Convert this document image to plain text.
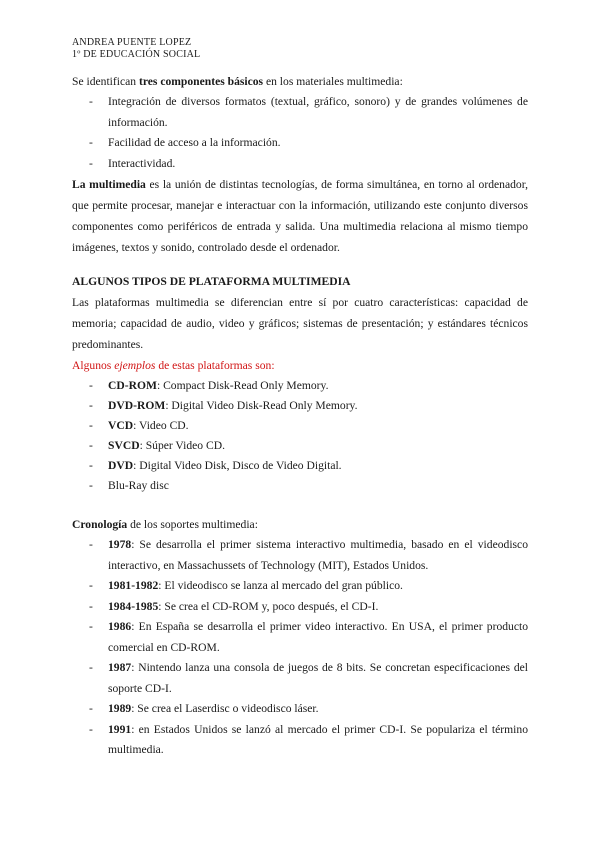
ANDREA PUENTE LOPEZ
1º DE EDUCACIÓN SOCIAL

Se identifican tres componentes básicos en los materiales multimedia:

- Integración de diversos formatos (textual, gráfico, sonoro) y de grandes volúmenes de información.
- Facilidad de acceso a la información.
- Interactividad.

La multimedia es la unión de distintas tecnologías, de forma simultánea, en torno al ordenador, que permite procesar, manejar e interactuar con la información, utilizando este conjunto diversos componentes como periféricos de entrada y salida. Una multimedia relaciona al mismo tiempo imágenes, textos y sonido, controlado desde el ordenador.

ALGUNOS TIPOS DE PLATAFORMA MULTIMEDIA

Las plataformas multimedia se diferencian entre sí por cuatro características: capacidad de memoria; capacidad de audio, video y gráficos; sistemas de presentación; y estándares técnicos predominantes.

Algunos ejemplos de estas plataformas son:

- CD-ROM: Compact Disk-Read Only Memory.
- DVD-ROM: Digital Video Disk-Read Only Memory.
- VCD: Video CD.
- SVCD: Súper Video CD.
- DVD: Digital Video Disk, Disco de Video Digital.
- Blu-Ray disc

Cronología de los soportes multimedia:

- 1978: Se desarrolla el primer sistema interactivo multimedia, basado en el videodisco interactivo, en Massachussets of Technology (MIT), Estados Unidos.
- 1981-1982: El videodisco se lanza al mercado del gran público.
- 1984-1985: Se crea el CD-ROM y, poco después, el CD-I.
- 1986: En España se desarrolla el primer video interactivo. En USA, el primer producto comercial en CD-ROM.
- 1987: Nintendo lanza una consola de juegos de 8 bits. Se concretan especificaciones del soporte CD-I.
- 1989: Se crea el Laserdisc o videodisco láser.
- 1991: en Estados Unidos se lanzó al mercado el primer CD-I. Se populariza el término multimedia.
